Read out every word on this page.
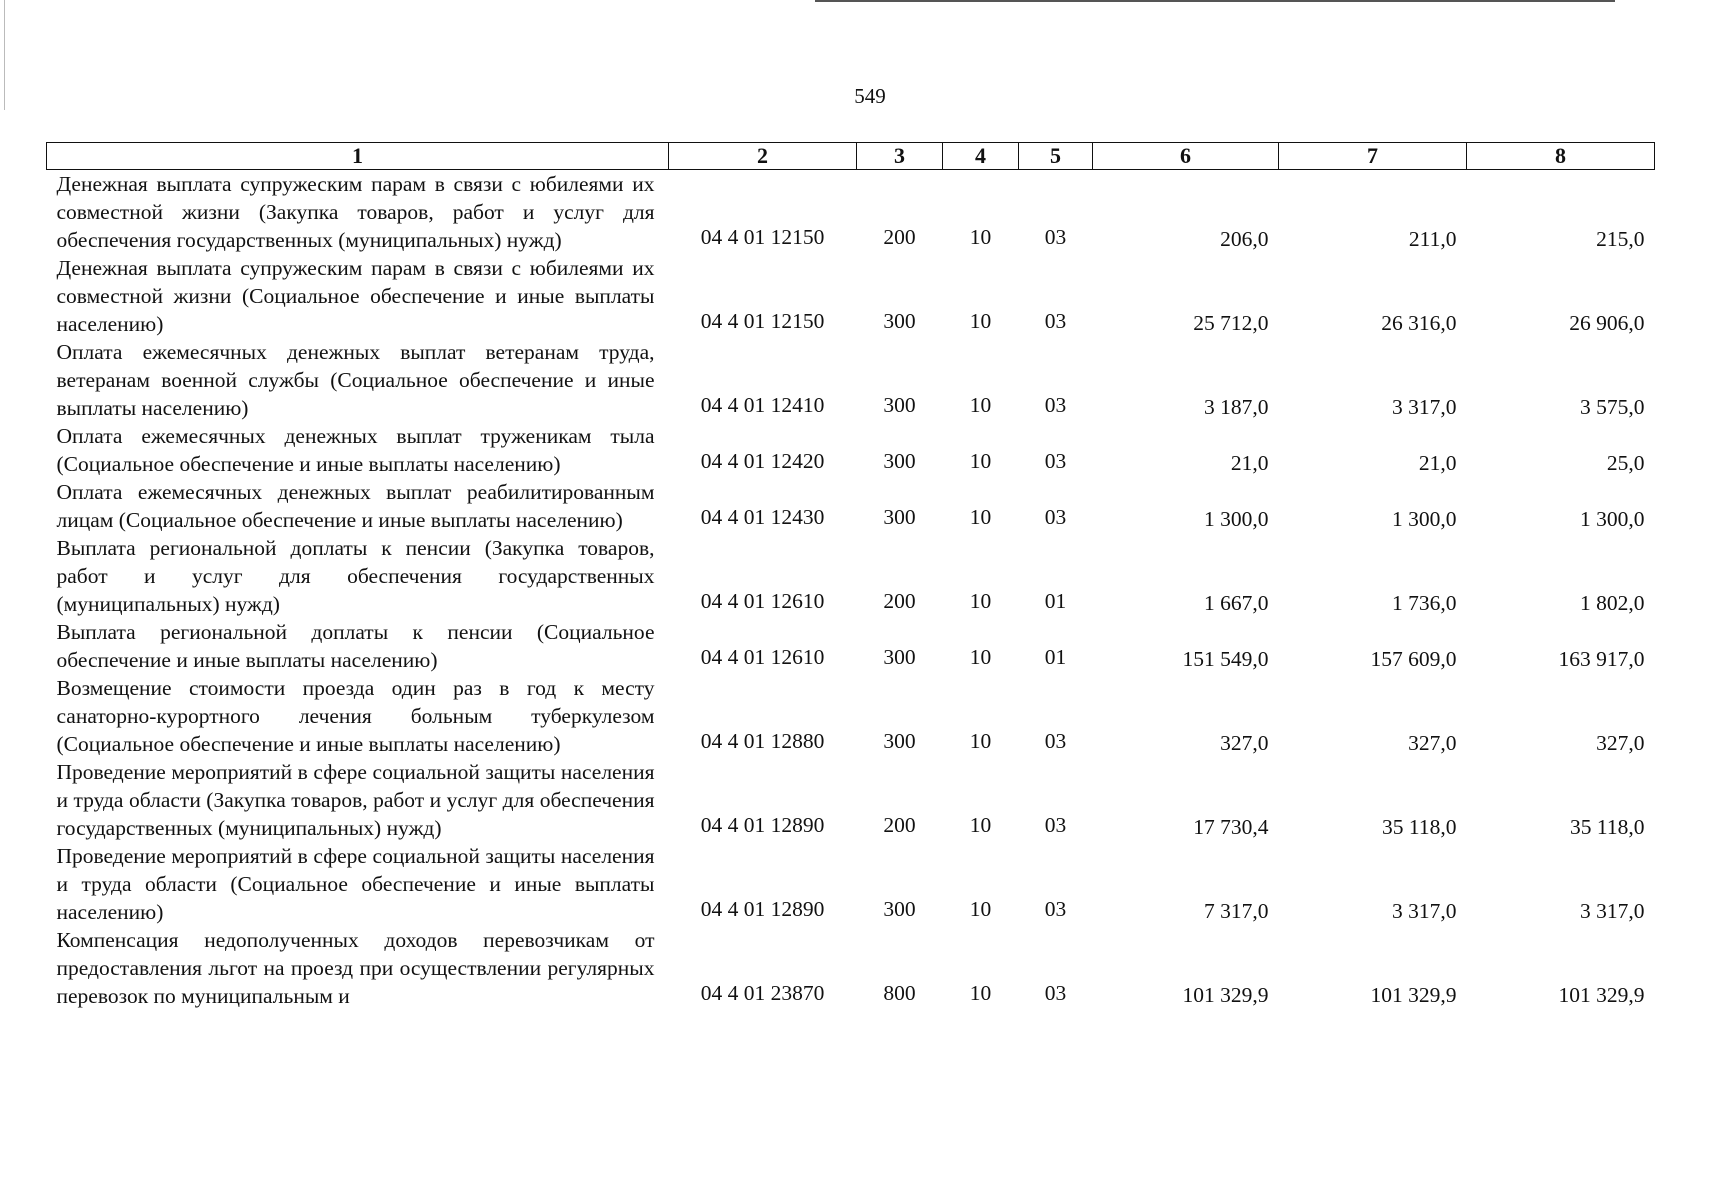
549
1	2	3	4	5	6	7	8
Денежная выплата супружеским парам в связи с юбилеями их совместной жизни (Закупка товаров, работ и услуг для обеспечения государственных (муниципальных) нужд)	04 4 01 12150	200	10	03	206,0	211,0	215,0
Денежная выплата супружеским парам в связи с юбилеями их совместной жизни (Социальное обеспечение и иные выплаты населению)	04 4 01 12150	300	10	03	25 712,0	26 316,0	26 906,0
Оплата ежемесячных денежных выплат ветеранам труда, ветеранам военной службы (Социальное обеспечение и иные выплаты населению)	04 4 01 12410	300	10	03	3 187,0	3 317,0	3 575,0
Оплата ежемесячных денежных выплат труженикам тыла (Социальное обеспечение и иные выплаты населению)	04 4 01 12420	300	10	03	21,0	21,0	25,0
Оплата ежемесячных денежных выплат реабилитированным лицам (Социальное обеспечение и иные выплаты населению)	04 4 01 12430	300	10	03	1 300,0	1 300,0	1 300,0
Выплата региональной доплаты к пенсии (Закупка товаров, работ и услуг для обеспечения государственных (муниципальных) нужд)	04 4 01 12610	200	10	01	1 667,0	1 736,0	1 802,0
Выплата региональной доплаты к пенсии (Социальное обеспечение и иные выплаты населению)	04 4 01 12610	300	10	01	151 549,0	157 609,0	163 917,0
Возмещение стоимости проезда один раз в год к месту санаторно-курортного лечения больным туберкулезом (Социальное обеспечение и иные выплаты населению)	04 4 01 12880	300	10	03	327,0	327,0	327,0
Проведение мероприятий в сфере социальной защиты населения и труда области (Закупка товаров, работ и услуг для обеспечения государственных (муниципальных) нужд)	04 4 01 12890	200	10	03	17 730,4	35 118,0	35 118,0
Проведение мероприятий в сфере социальной защиты населения и труда области (Социальное обеспечение и иные выплаты населению)	04 4 01 12890	300	10	03	7 317,0	3 317,0	3 317,0
Компенсация недополученных доходов перевозчикам от предоставления льгот на проезд при осуществлении регулярных перевозок по муниципальным и	04 4 01 23870	800	10	03	101 329,9	101 329,9	101 329,9
